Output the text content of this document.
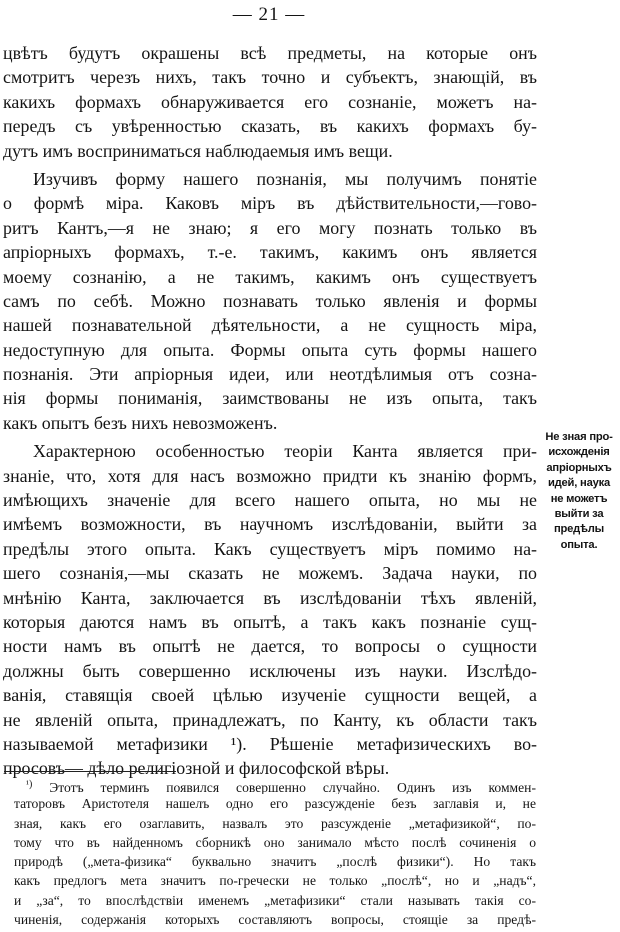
— 21 —
цвѣтъ будутъ окрашены всѣ предметы, на которые онъ
смотритъ черезъ нихъ, такъ точно и субъектъ, знающій, въ
какихъ формахъ обнаруживается его сознаніе, можетъ на-
передъ съ увѣренностью сказать, въ какихъ формахъ бу-
дутъ имъ восприниматься наблюдаемыя имъ вещи.
Изучивъ форму нашего познанія, мы получимъ понятіе
о формѣ міра. Каковъ міръ въ дѣйствительности,—гово-
ритъ Кантъ,—я не знаю; я его могу познать только въ
апріорныхъ формахъ, т.-е. такимъ, какимъ онъ является
моему сознанію, а не такимъ, какимъ онъ существуетъ
самъ по себѣ. Можно познавать только явленія и формы
нашей познавательной дѣятельности, а не сущность міра,
недоступную для опыта. Формы опыта суть формы нашего
познанія. Эти апріорныя идеи, или неотдѣлимыя отъ созна-
нія формы пониманія, заимствованы не изъ опыта, такъ
какъ опытъ безъ нихъ невозможенъ.
Характерною особенностью теоріи Канта является при-
знаніе, что, хотя для насъ возможно придти къ знанію формъ,
имѣющихъ значеніе для всего нашего опыта, но мы не
имѣемъ возможности, въ научномъ изслѣдованіи, выйти за
предѣлы этого опыта. Какъ существуетъ міръ помимо на-
шего сознанія,—мы сказать не можемъ. Задача науки, по
мнѣнію Канта, заключается въ изслѣдованіи тѣхъ явленій,
которыя даются намъ въ опытѣ, а такъ какъ познаніе сущ-
ности намъ въ опытѣ не дается, то вопросы о сущности
должны быть совершенно исключены изъ науки. Изслѣдо-
ванія, ставящія своей цѣлью изученіе сущности вещей, а
не явленій опыта, принадлежатъ, по Канту, къ области такъ
называемой метафизики ¹). Рѣшеніе метафизическихъ во-
просовъ— дѣло религіозной и философской вѣры.
Не зная про-
исхожденія
апріорныхъ
идей, наука
не можетъ
выйти за
предѣлы
опыта.
$^{^1)}$ Этотъ терминъ появился совершенно случайно. Одинъ изъ коммен-
таторовъ Аристотеля нашелъ одно его разсужденіе безъ заглавія и, не
зная, какъ его озаглавить, назвалъ это разсужденіе „метафизикой“, по-
тому что въ найденномъ сборникѣ оно занимало мѣсто послѣ сочиненія о
природѣ („мета-физика“ буквально значитъ „послѣ физики“). Но такъ
какъ предлогъ мета значитъ по-гречески не только „послѣ“, но и „надъ“,
и „за“, то впослѣдствіи именемъ „метафизики“ стали называть такія со-
чиненія, содержанія которыхъ составляютъ вопросы, стоящіе за предѣ-
